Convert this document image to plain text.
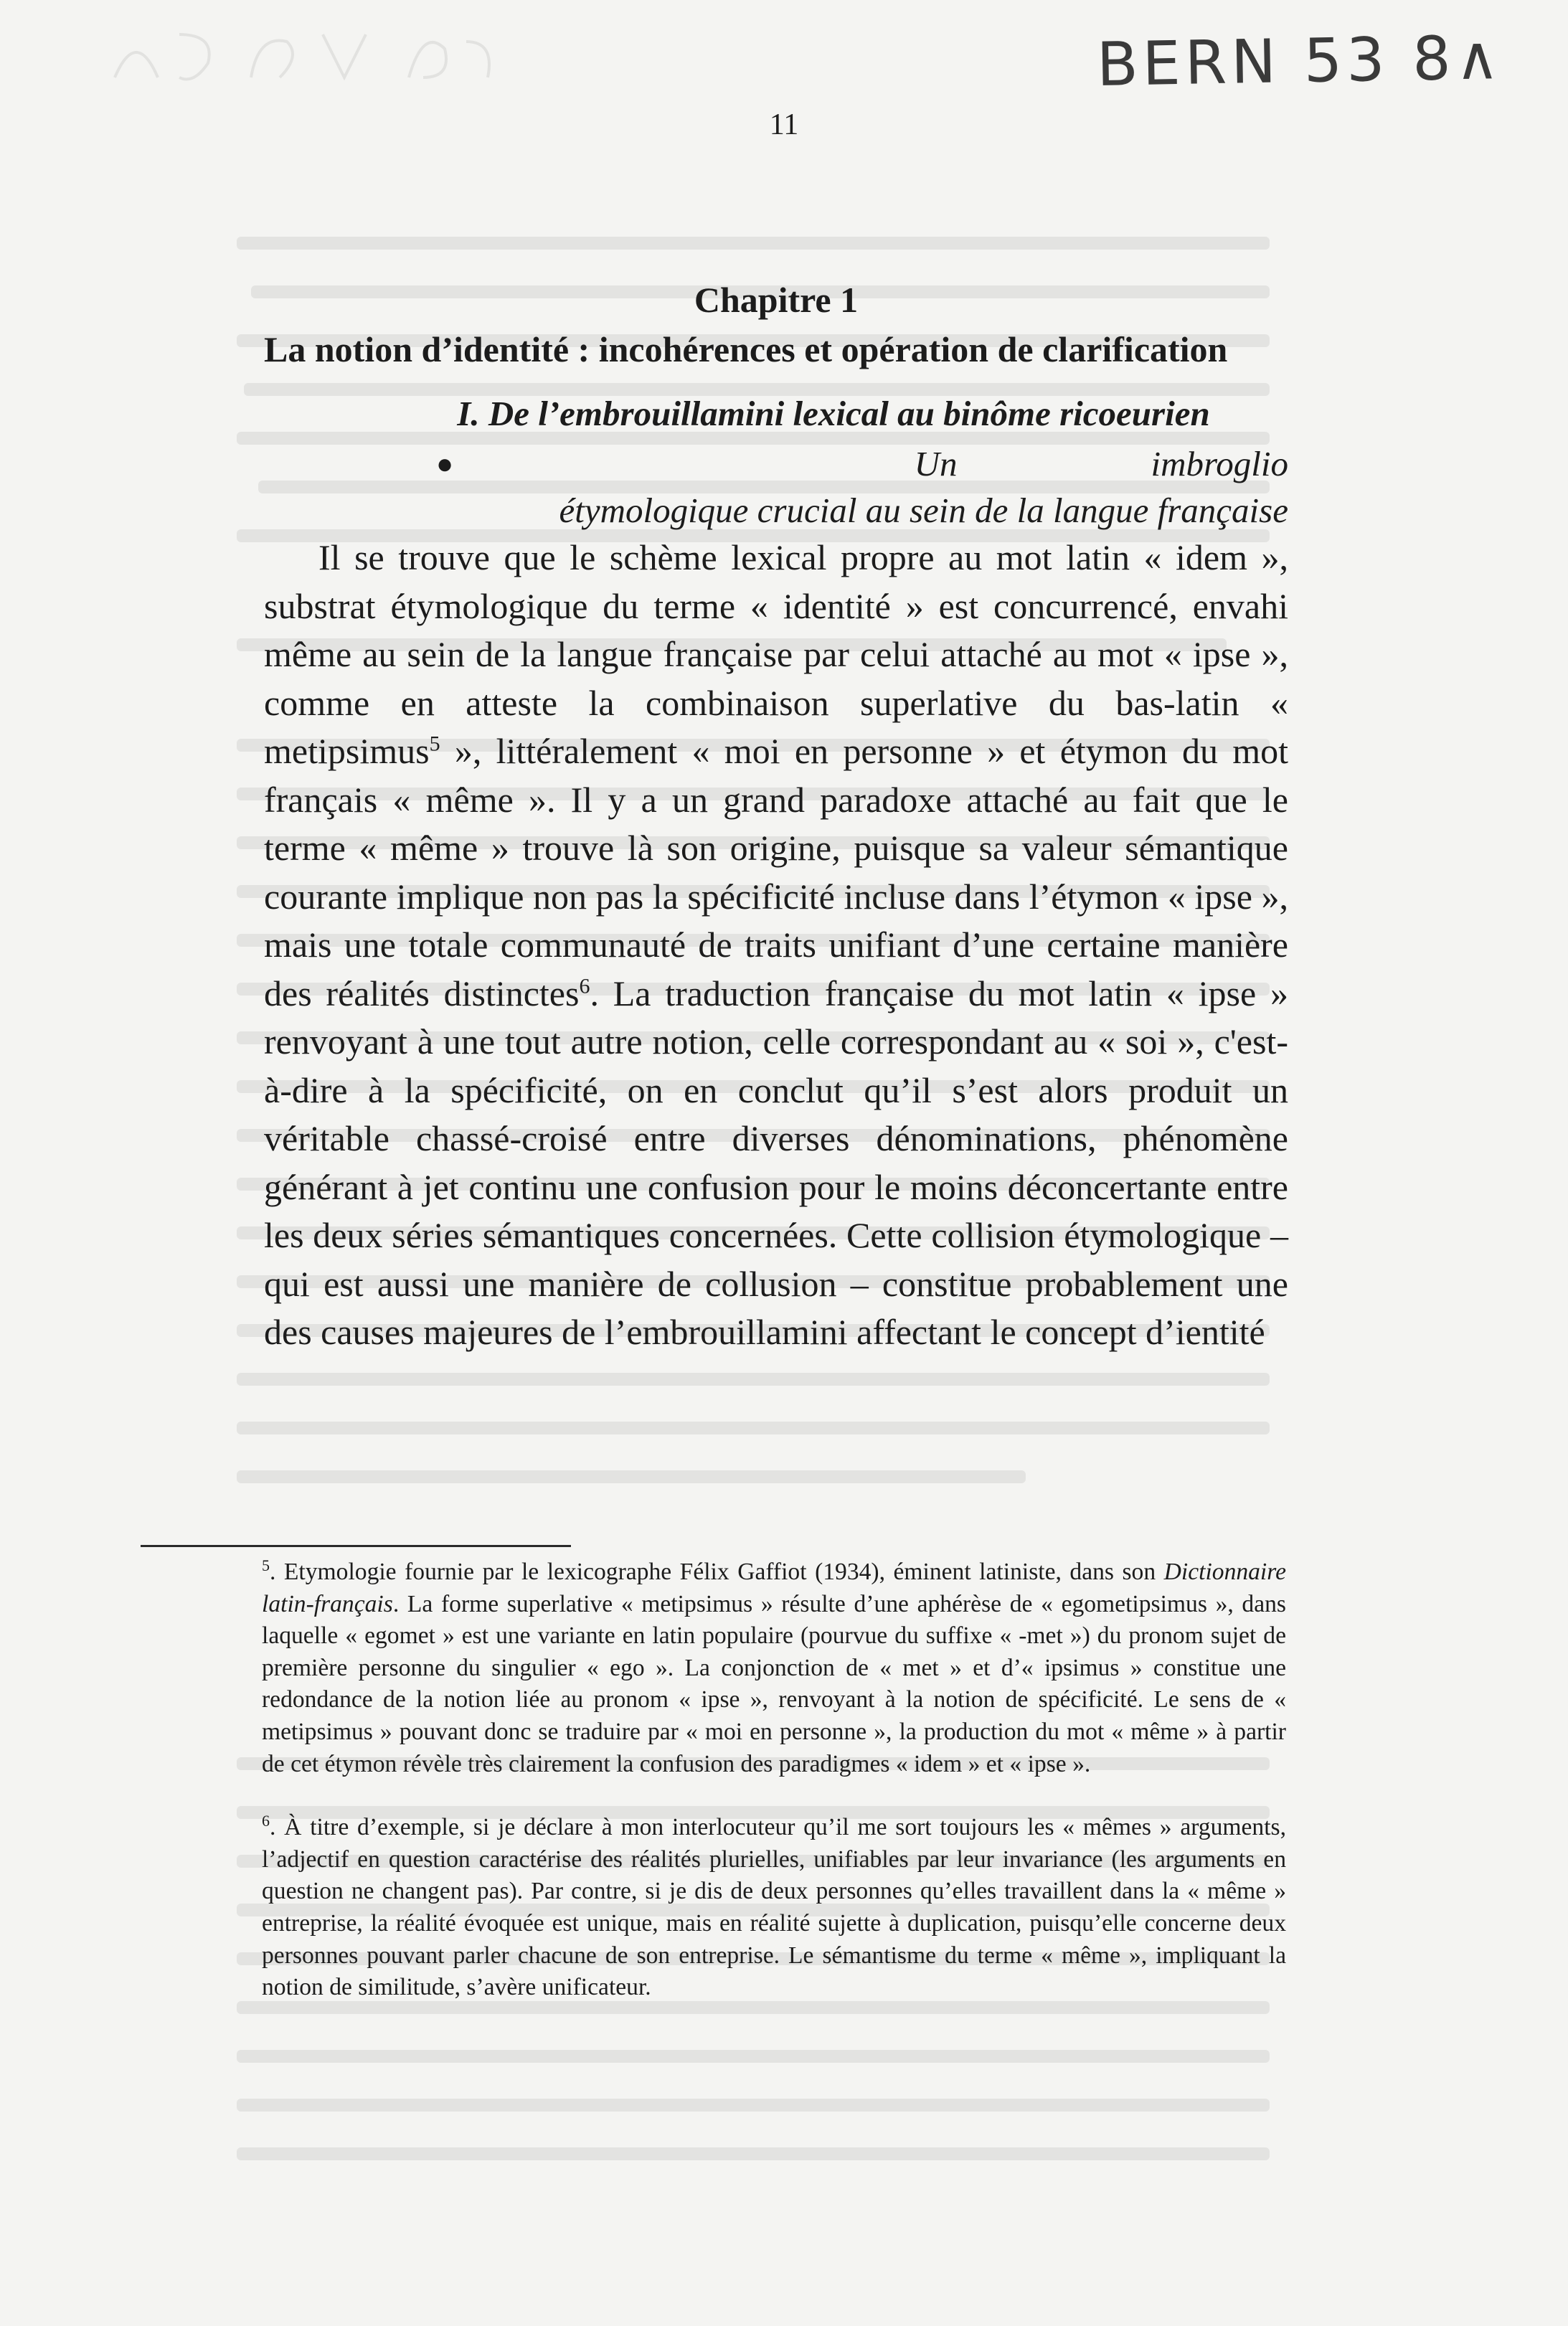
BERN 53 8∧
11
Chapitre 1
La notion d’identité : incohérences et opération de clarification
I. De l’embrouillamini lexical au binôme ricoeurien
●	Un	imbroglio
étymologique crucial au sein de la langue française

Il se trouve que le schème lexical propre au mot latin « idem », substrat étymologique du terme « identité » est concurrencé, envahi même au sein de la langue française par celui attaché au mot « ipse », comme en atteste la combinaison superlative du bas-latin « metipsimus$^5$ », littéralement « moi en personne » et étymon du mot français « même ». Il y a un grand paradoxe attaché au fait que le terme « même » trouve là son origine, puisque sa valeur sémantique courante implique non pas la spécificité incluse dans l’étymon « ipse », mais une totale communauté de traits unifiant d’une certaine manière des réalités distinctes$^6$. La traduction française du mot latin « ipse » renvoyant à une tout autre notion, celle correspondant au « soi », c'est-à-dire à la spécificité, on en conclut qu’il s’est alors produit un véritable chassé-croisé entre diverses dénominations, phénomène générant à jet continu une confusion pour le moins déconcertante entre les deux séries sémantiques concernées. Cette collision étymologique – qui est aussi une manière de collusion – constitue probablement une des causes majeures de l’embrouillamini affectant le concept d’ientité

$^5$. Etymologie fournie par le lexicographe Félix Gaffiot (1934), éminent latiniste, dans son Dictionnaire latin-français. La forme superlative « metipsimus » résulte d’une aphérèse de « egometipsimus », dans laquelle « egomet » est une variante en latin populaire (pourvue du suffixe « -met ») du pronom sujet de première personne du singulier « ego ». La conjonction de « met » et d’« ipsimus » constitue une redondance de la notion liée au pronom « ipse », renvoyant à la notion de spécificité. Le sens de « metipsimus » pouvant donc se traduire par « moi en personne », la production du mot « même » à partir de cet étymon révèle très clairement la confusion des paradigmes « idem » et « ipse ».

$^6$. À titre d’exemple, si je déclare à mon interlocuteur qu’il me sort toujours les « mêmes » arguments, l’adjectif en question caractérise des réalités plurielles, unifiables par leur invariance (les arguments en question ne changent pas). Par contre, si je dis de deux personnes qu’elles travaillent dans la « même » entreprise, la réalité évoquée est unique, mais en réalité sujette à duplication, puisqu’elle concerne deux personnes pouvant parler chacune de son entreprise. Le sémantisme du terme « même », impliquant la notion de similitude, s’avère unificateur.
